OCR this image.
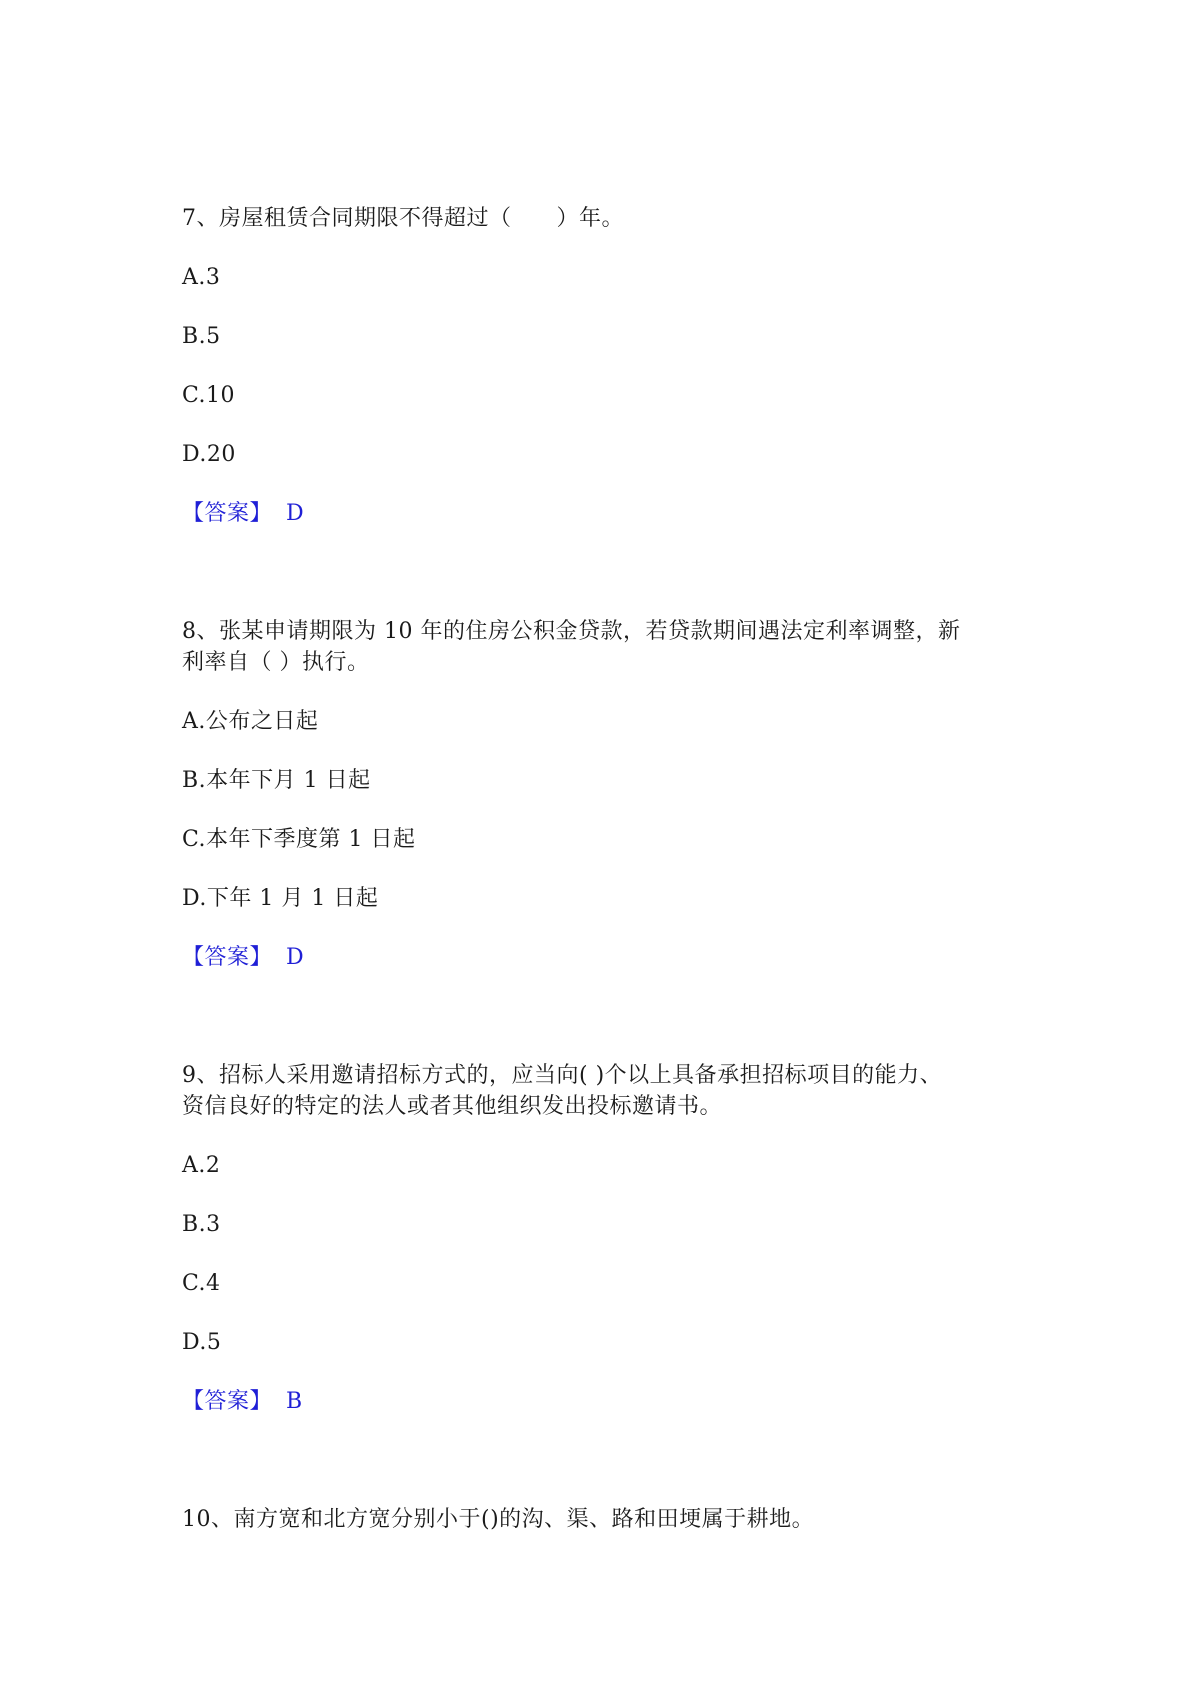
7、房屋租赁合同期限不得超过（　　）年。
A.3
B.5
C.10
D.20
【答案】 D
8、张某申请期限为 10 年的住房公积金贷款，若贷款期间遇法定利率调整，新
利率自（ ）执行。
A.公布之日起
B.本年下月 1 日起
C.本年下季度第 1 日起
D.下年 1 月 1 日起
【答案】 D
9、招标人采用邀请招标方式的，应当向( )个以上具备承担招标项目的能力、
资信良好的特定的法人或者其他组织发出投标邀请书。
A.2
B.3
C.4
D.5
【答案】 B
10、南方宽和北方宽分别小于()的沟、渠、路和田埂属于耕地。
